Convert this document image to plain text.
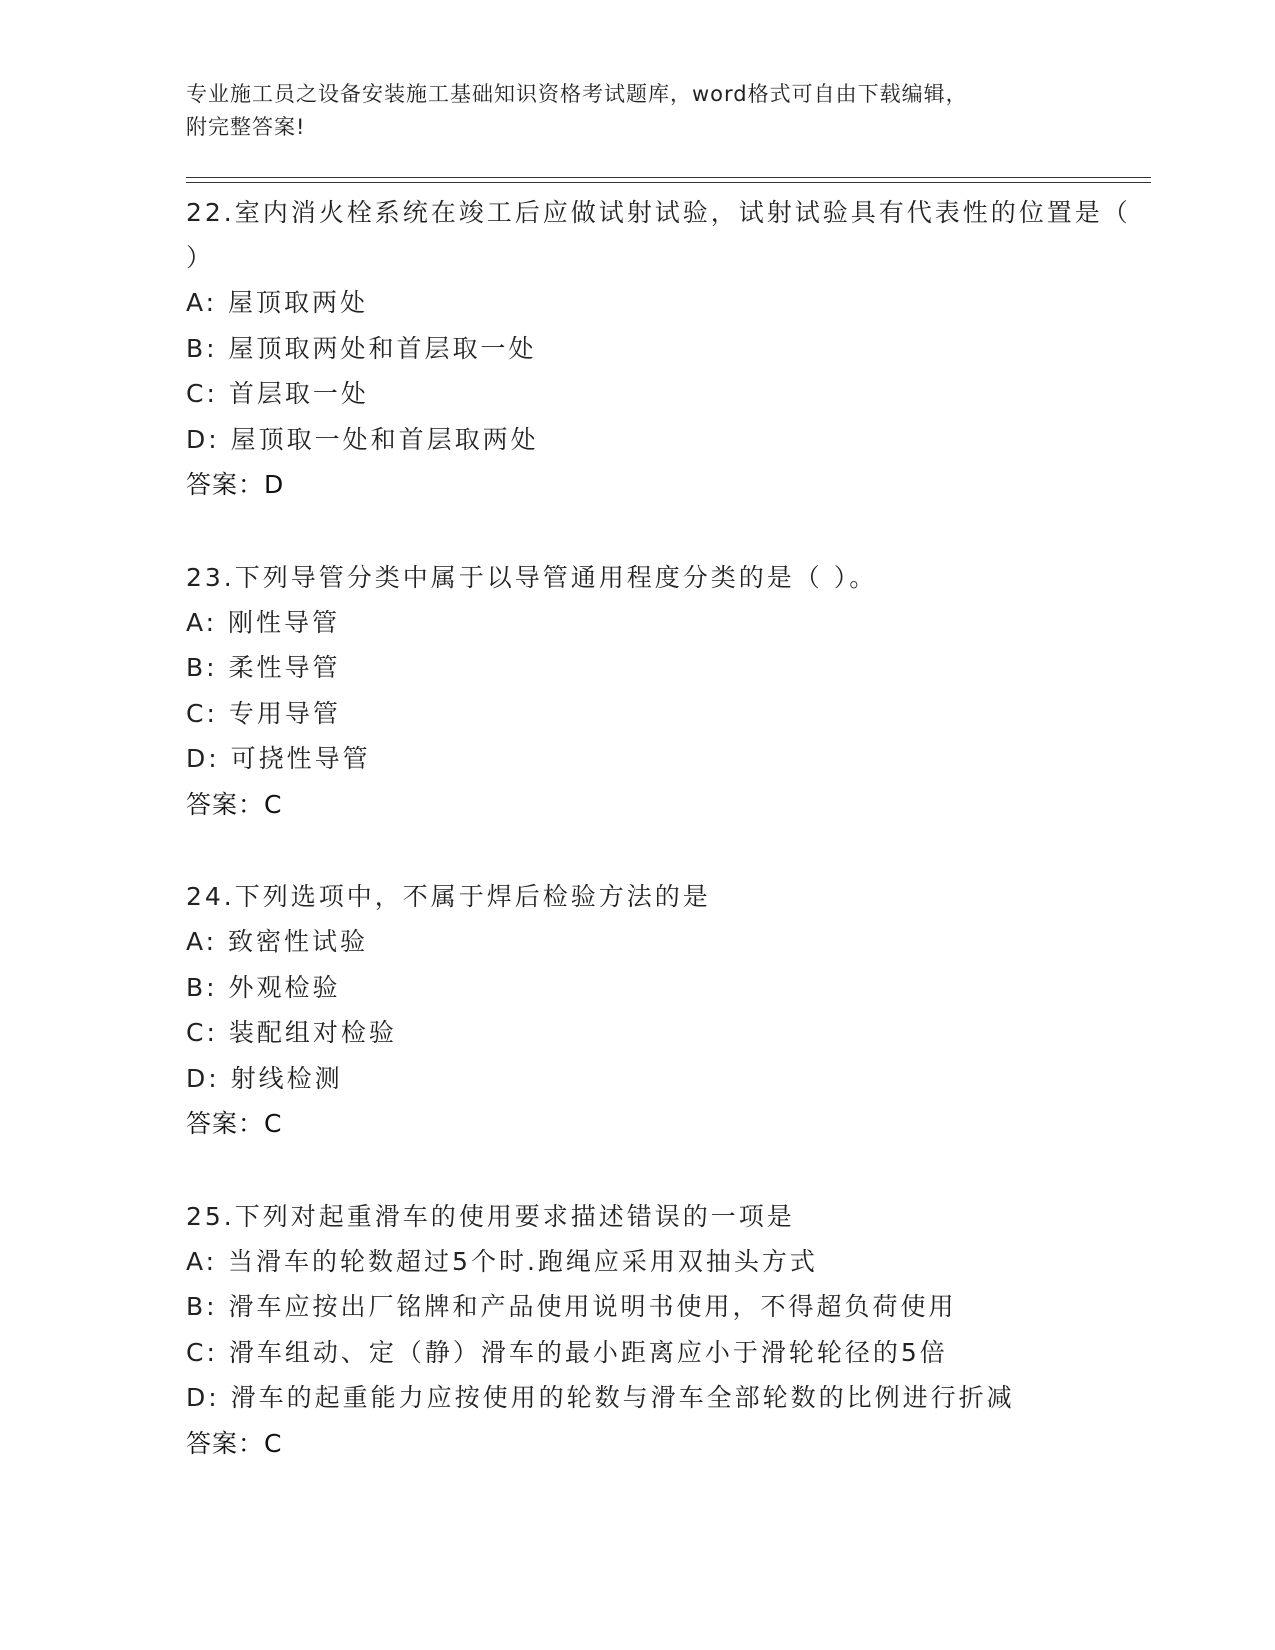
专业施工员之设备安装施工基础知识资格考试题库，word格式可自由下载编辑，
附完整答案!

22.室内消火栓系统在竣工后应做试射试验，试射试验具有代表性的位置是（ ）

A: 屋顶取两处

B: 屋顶取两处和首层取一处

C: 首层取一处

D: 屋顶取一处和首层取两处

答案：D

23.下列导管分类中属于以导管通用程度分类的是（ ）。

A: 刚性导管

B: 柔性导管

C: 专用导管

D: 可挠性导管

答案：C

24.下列选项中，不属于焊后检验方法的是

A: 致密性试验

B: 外观检验

C: 装配组对检验

D: 射线检测

答案：C

25.下列对起重滑车的使用要求描述错误的一项是

A: 当滑车的轮数超过5个时.跑绳应采用双抽头方式

B: 滑车应按出厂铭牌和产品使用说明书使用，不得超负荷使用

C: 滑车组动、定（静）滑车的最小距离应小于滑轮轮径的5倍

D: 滑车的起重能力应按使用的轮数与滑车全部轮数的比例进行折减

答案：C
